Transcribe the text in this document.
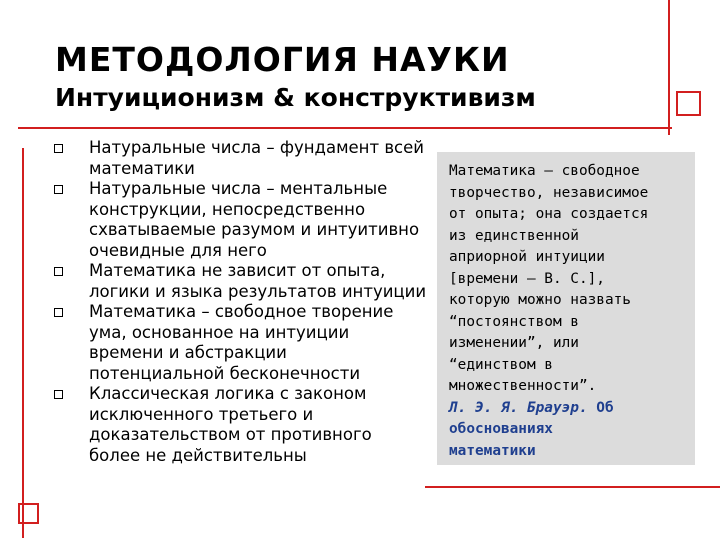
МЕТОДОЛОГИЯ НАУКИ
Интуиционизм & конструктивизм
Натуральные числа – фундамент всей математики
Натуральные числа – ментальные конструкции, непосредственно схватываемые разумом и интуитивно очевидные для него
Математика не зависит от опыта, логики и языка результатов интуиции
Математика – свободное творение ума, основанное на интуиции времени и абстракции потенциальной бесконечности
Классическая логика с законом исключенного третьего и доказательством от противного более не действительны

Математика – свободное
творчество, независимое
от опыта; она создается
из единственной
априорной интуиции
[времени – В. С.],
которую можно назвать
“постоянством в
изменении”, или
“единством в
множественности”.
Л. Э. Я. Брауэр. Об
обоснованиях
математики
